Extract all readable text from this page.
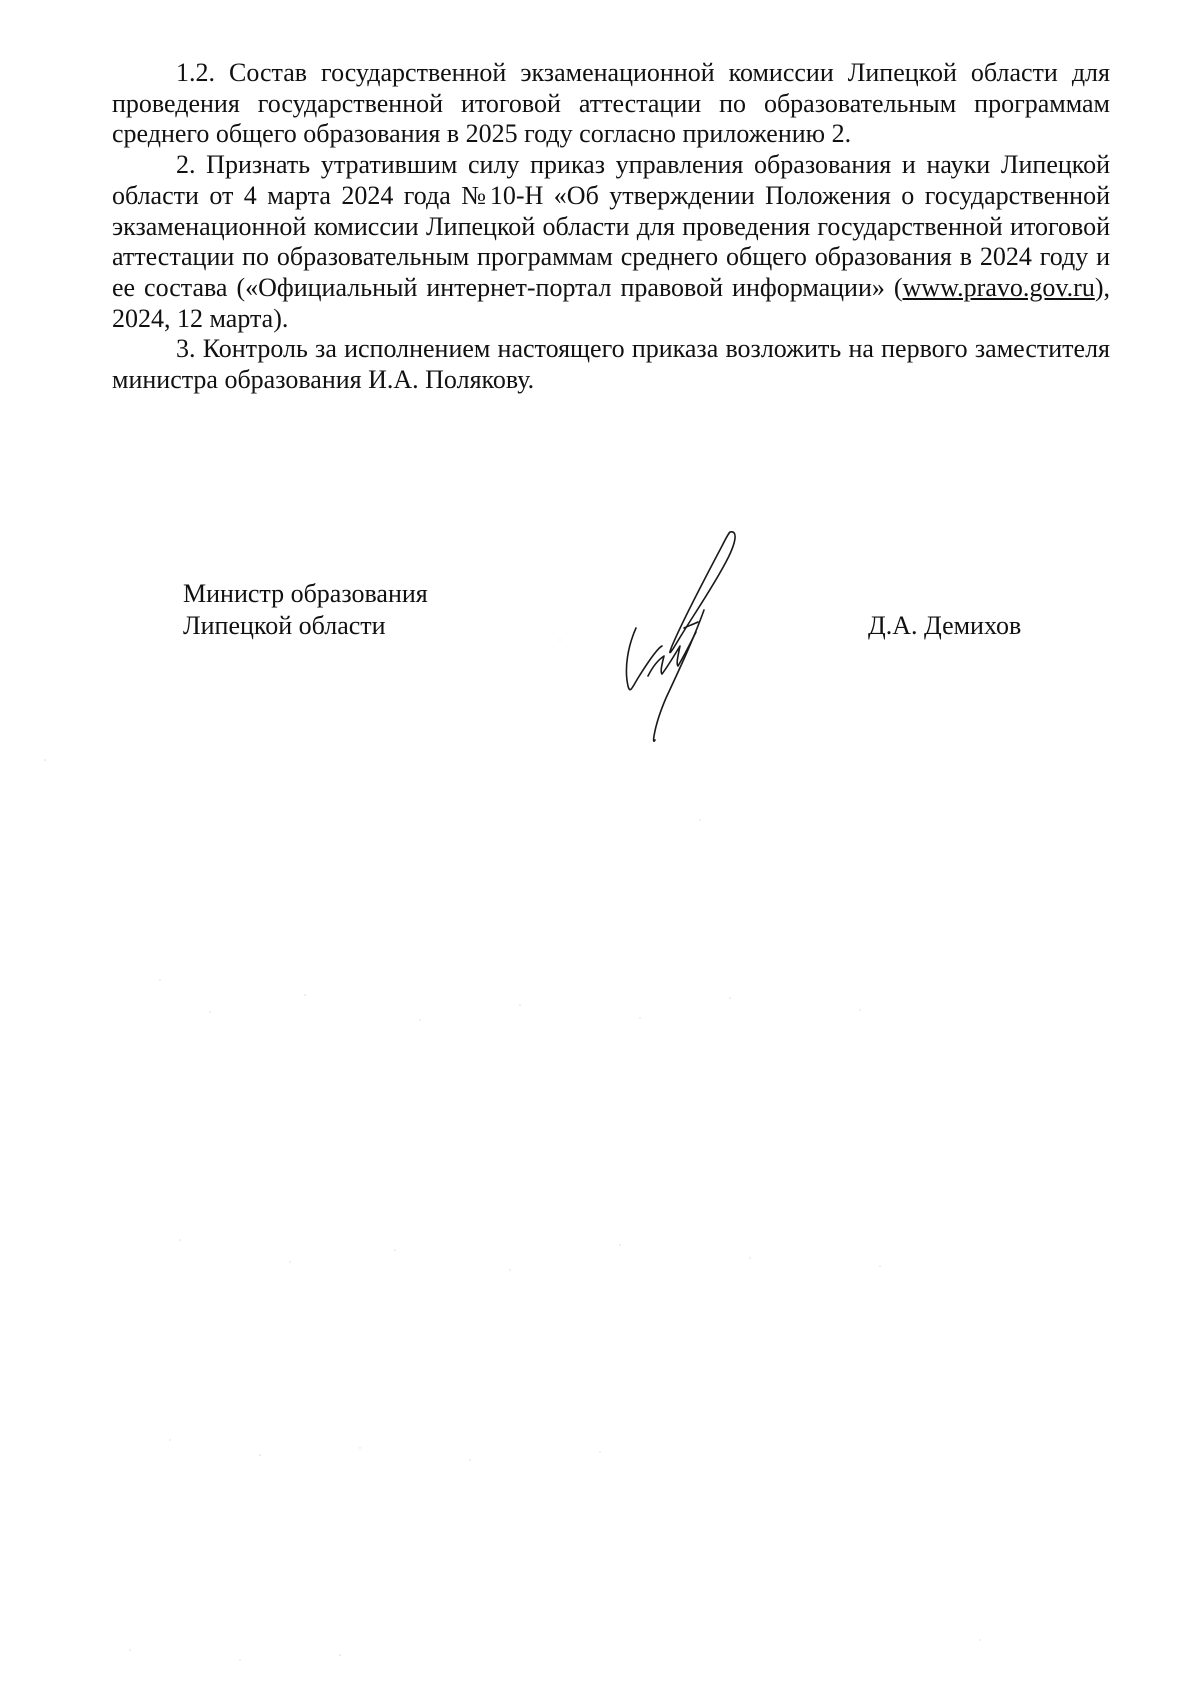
1.2. Состав государственной экзаменационной комиссии Липецкой области для проведения государственной итоговой аттестации по образовательным программам среднего общего образования в 2025 году согласно приложению 2.

2. Признать утратившим силу приказ управления образования и науки Липецкой области от 4 марта 2024 года №10-Н «Об утверждении Положения о государственной экзаменационной комиссии Липецкой области для проведения государственной итоговой аттестации по образовательным программам среднего общего образования в 2024 году и ее состава («Официальный интернет-портал правовой информации» (www.pravo.gov.ru), 2024, 12 марта).

3. Контроль за исполнением настоящего приказа возложить на первого заместителя министра образования И.А. Полякову.

Министр образования
Липецкой области	Д.А. Демихов
